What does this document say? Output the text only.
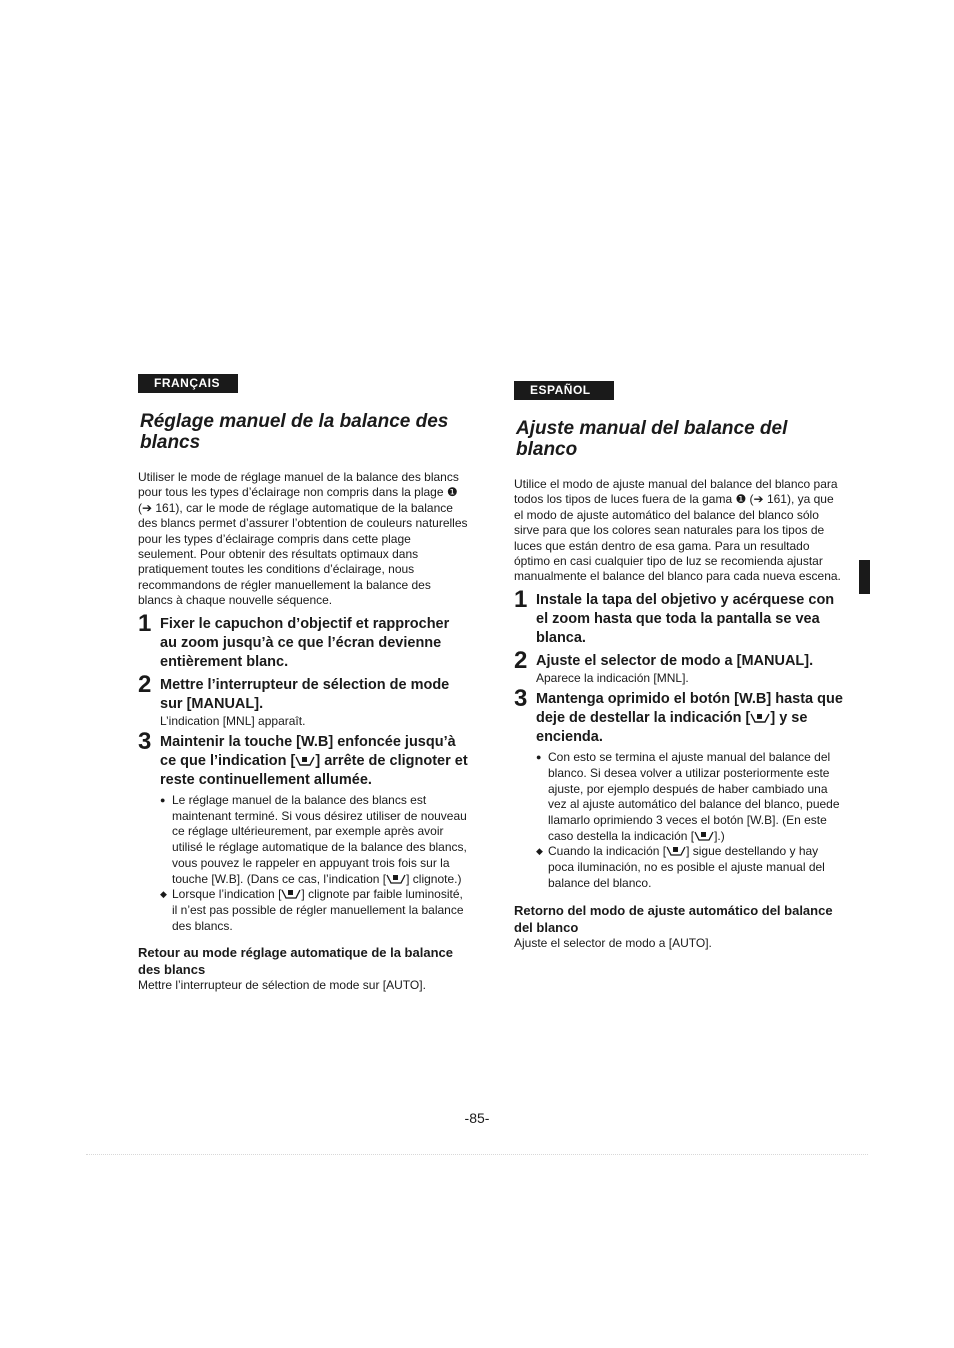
FRANÇAIS
Réglage manuel de la balance des blancs

Utiliser le mode de réglage manuel de la balance des blancs pour tous les types d’éclairage non compris dans la plage ❶ (➔ 161), car le mode de réglage automatique de la balance des blancs permet d’assurer l’obtention de couleurs naturelles pour les types d’éclairage compris dans cette plage seulement. Pour obtenir des résultats optimaux dans pratiquement toutes les conditions d’éclairage, nous recommandons de régler manuellement la balance des blancs à chaque nouvelle séquence.

1 Fixer le capuchon d’objectif et rapprocher au zoom jusqu’à ce que l’écran devienne entièrement blanc.
2 Mettre l’interrupteur de sélection de mode sur [MANUAL].
L’indication [MNL] apparaît.
3 Maintenir la touche [W.B] enfoncée jusqu’à ce que l’indication [ ] arrête de clignoter et reste continuellement allumée.
● Le réglage manuel de la balance des blancs est maintenant terminé. Si vous désirez utiliser de nouveau ce réglage ultérieurement, par exemple après avoir utilisé le réglage automatique de la balance des blancs, vous pouvez le rappeler en appuyant trois fois sur la touche [W.B]. (Dans ce cas, l’indication [ ] clignote.)
◆ Lorsque l’indication [ ] clignote par faible luminosité, il n’est pas possible de régler manuellement la balance des blancs.
Retour au mode réglage automatique de la balance des blancs
Mettre l’interrupteur de sélection de mode sur [AUTO].
ESPAÑOL
Ajuste manual del balance del blanco

Utilice el modo de ajuste manual del balance del blanco para todos los tipos de luces fuera de la gama ❶ (➔ 161), ya que el modo de ajuste automático del balance del blanco sólo sirve para que los colores sean naturales para los tipos de luces que están dentro de esa gama. Para un resultado óptimo en casi cualquier tipo de luz se recomienda ajustar manualmente el balance del blanco para cada nueva escena.

1 Instale la tapa del objetivo y acérquese con el zoom hasta que toda la pantalla se vea blanca.
2 Ajuste el selector de modo a [MANUAL].
Aparece la indicación [MNL].
3 Mantenga oprimido el botón [W.B] hasta que deje de destellar la indicación [ ] y se encienda.
● Con esto se termina el ajuste manual del balance del blanco. Si desea volver a utilizar posteriormente este ajuste, por ejemplo después de haber cambiado una vez al ajuste automático del balance del blanco, puede llamarlo oprimiendo 3 veces el botón [W.B]. (En este caso destella la indicación [ ].)
◆ Cuando la indicación [ ] sigue destellando y hay poca iluminación, no es posible el ajuste manual del balance del blanco.
Retorno del modo de ajuste automático del balance del blanco
Ajuste el selector de modo a [AUTO].
-85-
